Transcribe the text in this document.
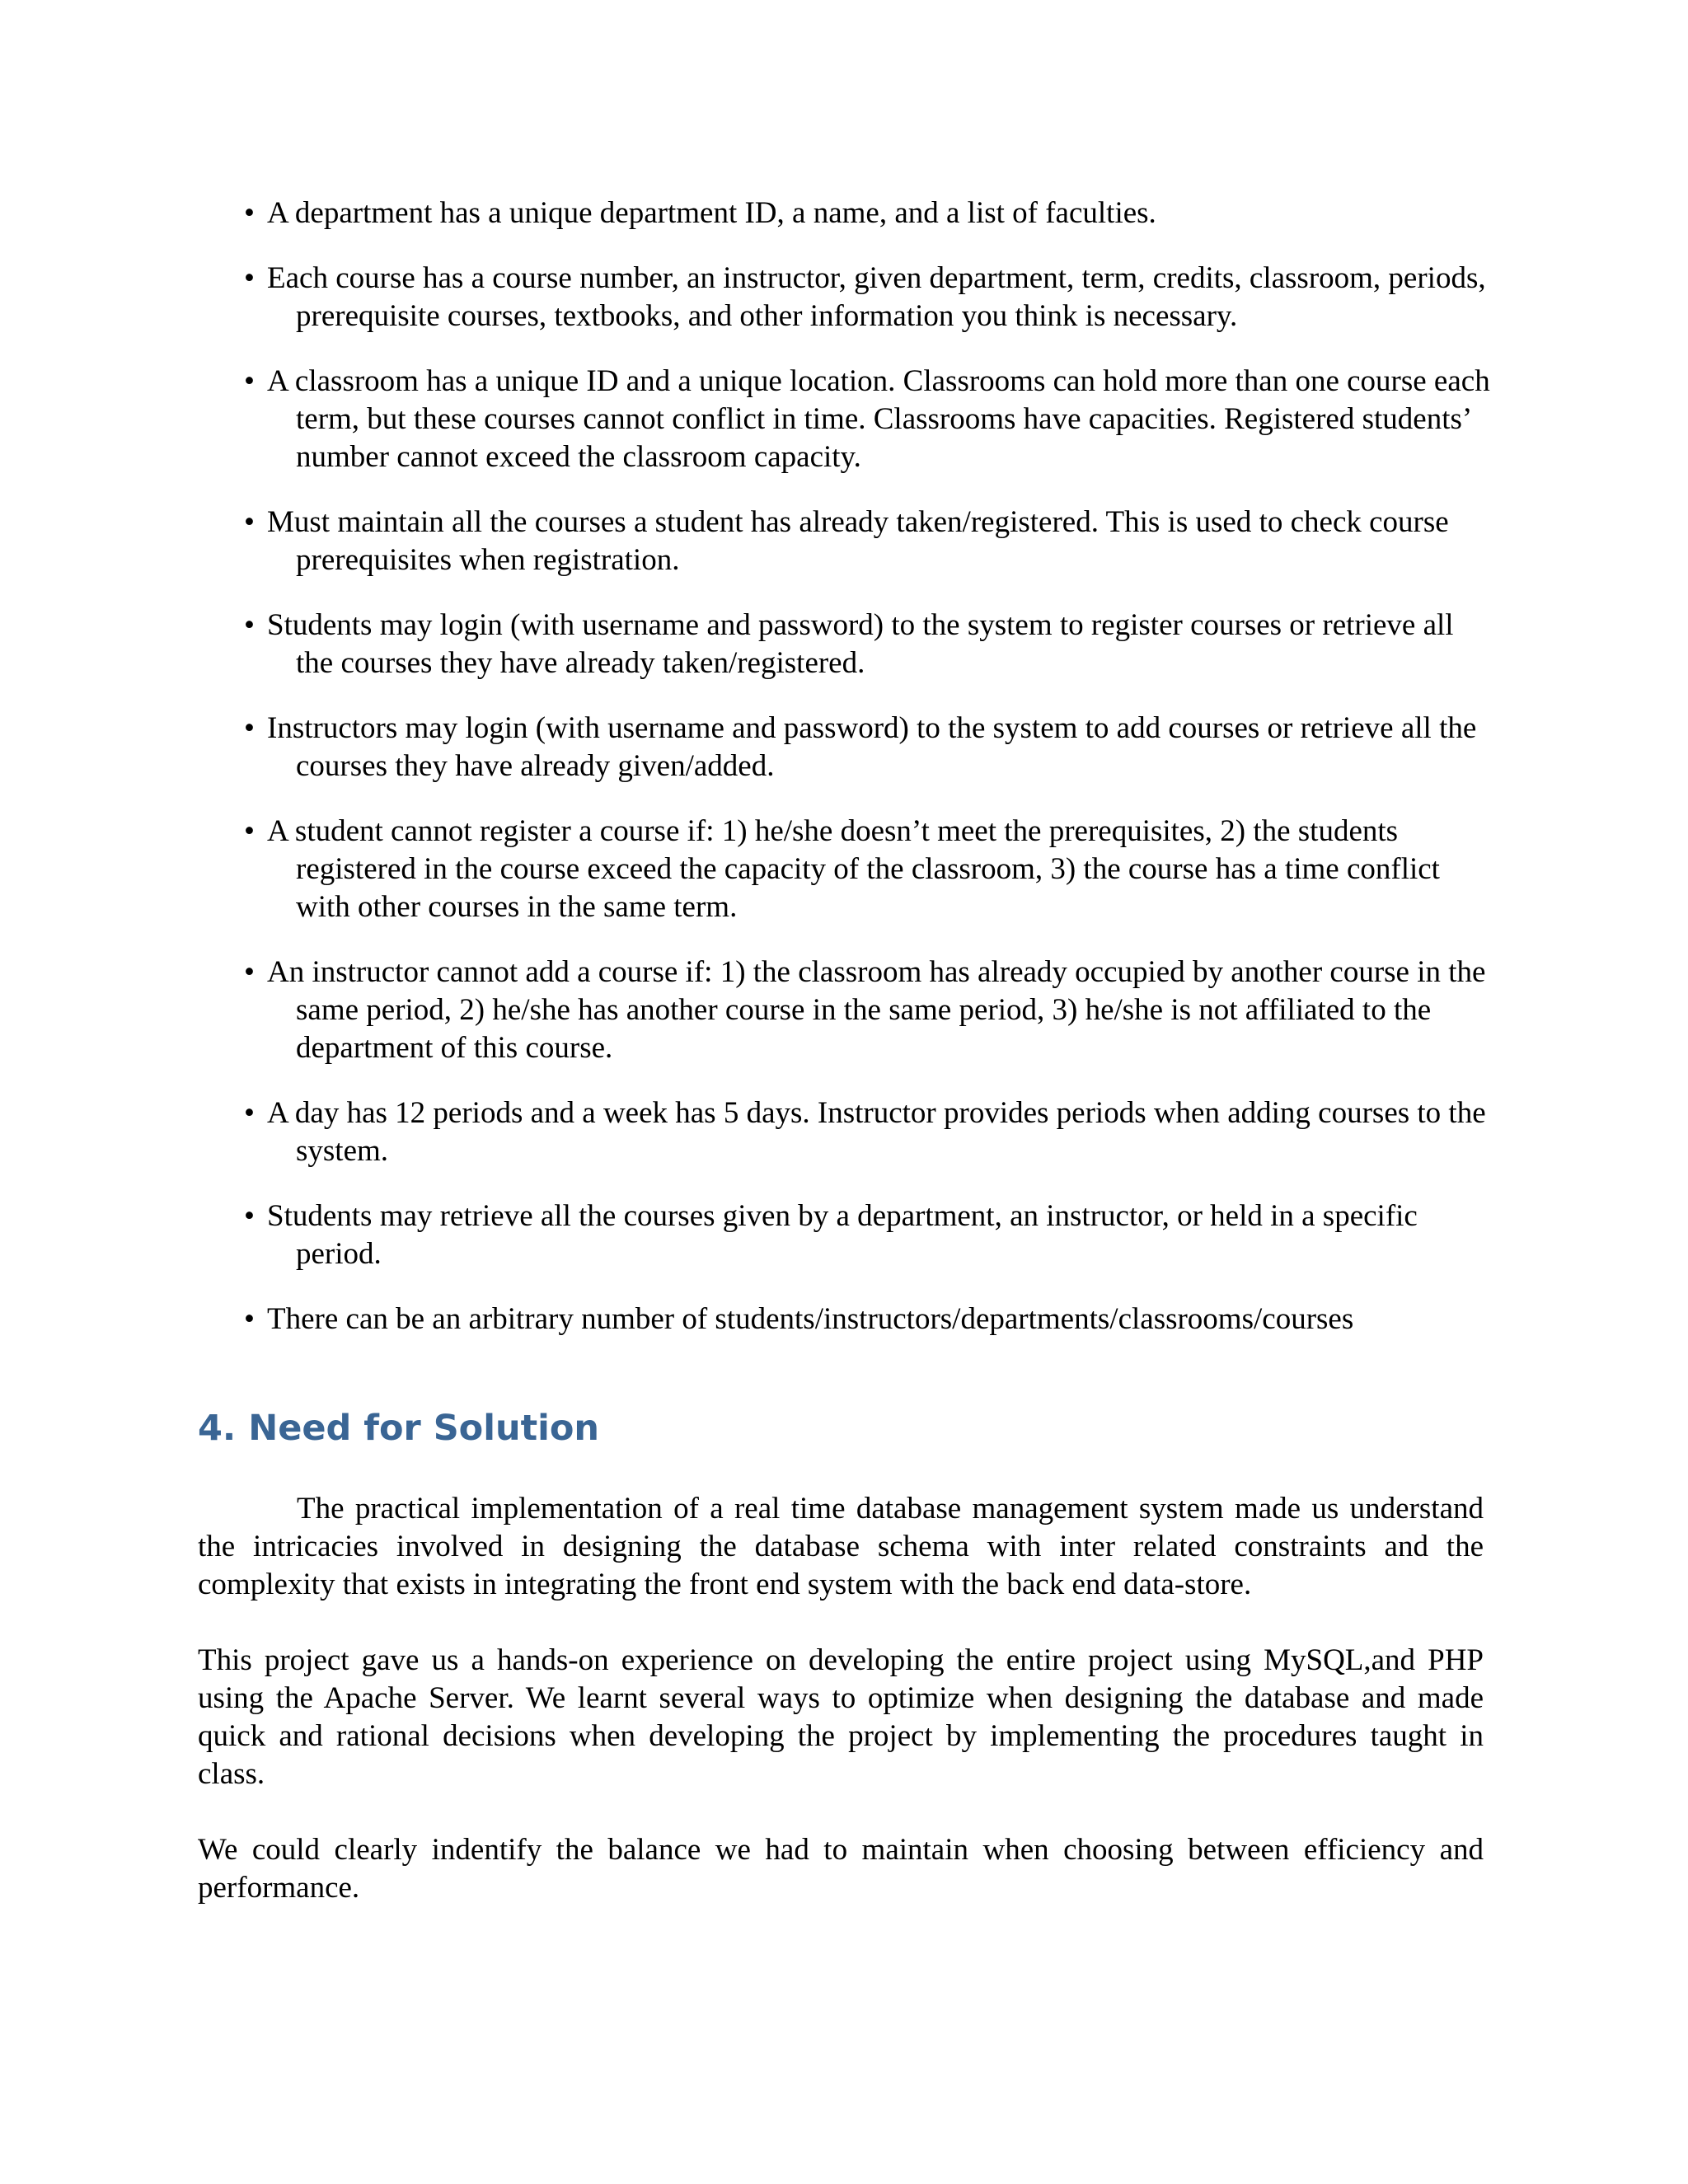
• A department has a unique department ID, a name, and a list of faculties.
• Each course has a course number, an instructor, given department, term, credits, classroom, periods, prerequisite courses, textbooks, and other information you think is necessary.
• A classroom has a unique ID and a unique location. Classrooms can hold more than one course each term, but these courses cannot conflict in time. Classrooms have capacities. Registered students’ number cannot exceed the classroom capacity.
• Must maintain all the courses a student has already taken/registered. This is used to check course prerequisites when registration.
• Students may login (with username and password) to the system to register courses or retrieve all the courses they have already taken/registered.
• Instructors may login (with username and password) to the system to add courses or retrieve all the courses they have already given/added.
• A student cannot register a course if: 1) he/she doesn’t meet the prerequisites, 2) the students registered in the course exceed the capacity of the classroom, 3) the course has a time conflict with other courses in the same term.
• An instructor cannot add a course if: 1) the classroom has already occupied by another course in the same period, 2) he/she has another course in the same period, 3) he/she is not affiliated to the department of this course.
• A day has 12 periods and a week has 5 days. Instructor provides periods when adding courses to the system.
• Students may retrieve all the courses given by a department, an instructor, or held in a specific period.
• There can be an arbitrary number of students/instructors/departments/classrooms/courses
4. Need for Solution

The practical implementation of a real time database management system made us understand the intricacies involved in designing the database schema with inter related constraints and the complexity that exists in integrating the front end system with the back end data-store.

This project gave us a hands-on experience on developing the entire project using MySQL,and PHP using the Apache Server. We learnt several ways to optimize when designing the database and made quick and rational decisions when developing the project by implementing the procedures taught in class.

We could clearly indentify the balance we had to maintain when choosing between efficiency and performance.
